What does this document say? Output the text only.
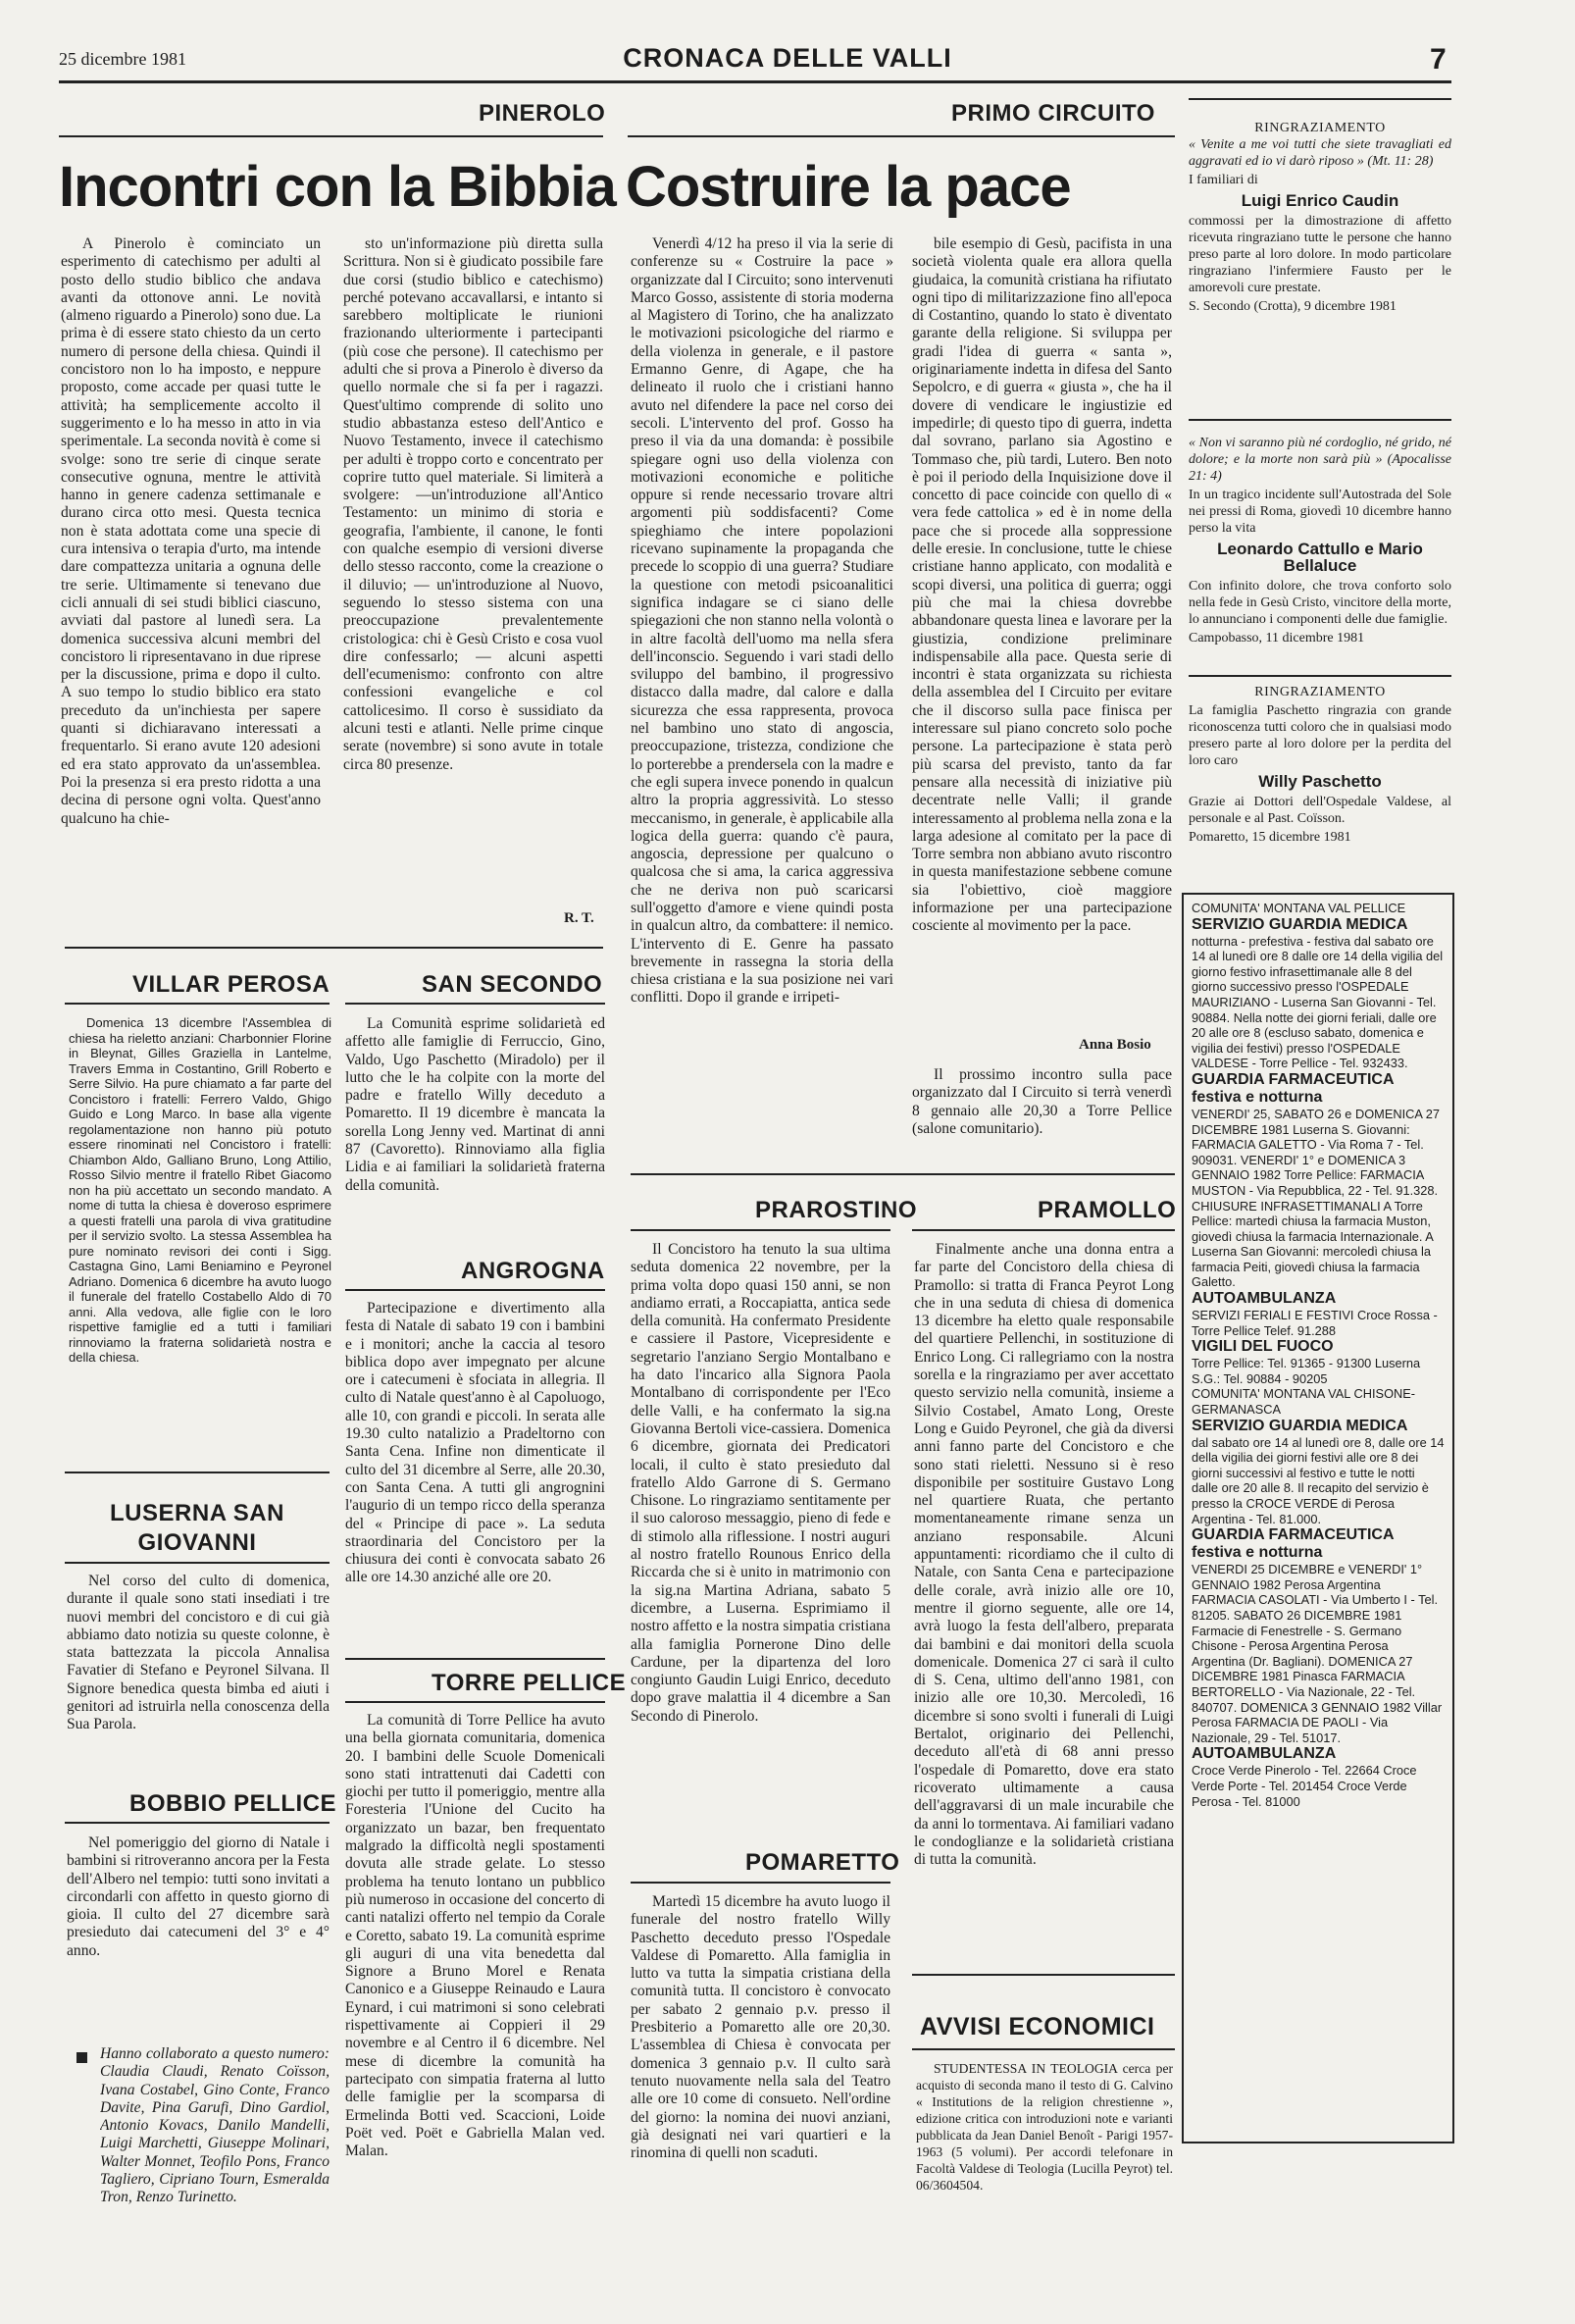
25 dicembre 1981	CRONACA DELLE VALLI	7
PINEROLO
Incontri con la Bibbia

A Pinerolo è cominciato un esperimento di catechismo per adulti al posto dello studio biblico che andava avanti da ottonove anni. Le novità (almeno riguardo a Pinerolo) sono due. La prima è di essere stato chiesto da un certo numero di persone della chiesa. Quindi il concistoro non lo ha imposto, e neppure proposto, come accade per quasi tutte le attività; ha semplicemente accolto il suggerimento e lo ha messo in atto in via sperimentale. La seconda novità è come si svolge: sono tre serie di cinque serate consecutive ognuna, mentre le attività hanno in genere cadenza settimanale e durano circa otto mesi. Questa tecnica non è stata adottata come una specie di cura intensiva o terapia d'urto, ma intende dare compattezza unitaria a ognuna delle tre serie. Ultimamente si tenevano due cicli annuali di sei studi biblici ciascuno, avviati dal pastore al lunedì sera. La domenica successiva alcuni membri del concistoro li ripresentavano in due riprese per la discussione, prima e dopo il culto. A suo tempo lo studio biblico era stato preceduto da un'inchiesta per sapere quanti si dichiaravano interessati a frequentarlo. Si erano avute 120 adesioni ed era stato approvato da un'assemblea. Poi la presenza si era presto ridotta a una decina di persone ogni volta. Quest'anno qualcuno ha chie-

sto un'informazione più diretta sulla Scrittura. Non si è giudicato possibile fare due corsi (studio biblico e catechismo) perché potevano accavallarsi, e intanto si sarebbero moltiplicate le riunioni frazionando ulteriormente i partecipanti (più cose che persone). Il catechismo per adulti che si prova a Pinerolo è diverso da quello normale che si fa per i ragazzi. Quest'ultimo comprende di solito uno studio abbastanza esteso dell'Antico e Nuovo Testamento, invece il catechismo per adulti è troppo corto e concentrato per coprire tutto quel materiale. Si limiterà a svolgere: —un'introduzione all'Antico Testamento: un minimo di storia e geografia, l'ambiente, il canone, le fonti con qualche esempio di versioni diverse dello stesso racconto, come la creazione o il diluvio; — un'introduzione al Nuovo, seguendo lo stesso sistema con una preoccupazione prevalentemente cristologica: chi è Gesù Cristo e cosa vuol dire confessarlo; — alcuni aspetti dell'ecumenismo: confronto con altre confessioni evangeliche e col cattolicesimo. Il corso è sussidiato da alcuni testi e atlanti. Nelle prime cinque serate (novembre) si sono avute in totale circa 80 presenze.

R. T.
PRIMO CIRCUITO
Costruire la pace

Venerdì 4/12 ha preso il via la serie di conferenze su « Costruire la pace » organizzate dal I Circuito; sono intervenuti Marco Gosso, assistente di storia moderna al Magistero di Torino, che ha analizzato le motivazioni psicologiche del riarmo e della violenza in generale, e il pastore Ermanno Genre, di Agape, che ha delineato il ruolo che i cristiani hanno avuto nel difendere la pace nel corso dei secoli. L'intervento del prof. Gosso ha preso il via da una domanda: è possibile spiegare ogni uso della violenza con motivazioni economiche e politiche oppure si rende necessario trovare altri argomenti più soddisfacenti? Come spieghiamo che intere popolazioni ricevano supinamente la propaganda che precede lo scoppio di una guerra? Studiare la questione con metodi psicoanalitici significa indagare se ci siano delle spiegazioni che non stanno nella volontà o in altre facoltà dell'uomo ma nella sfera dell'inconscio. Seguendo i vari stadi dello sviluppo del bambino, il progressivo distacco dalla madre, dal calore e dalla sicurezza che essa rappresenta, provoca nel bambino uno stato di angoscia, preoccupazione, tristezza, condizione che lo porterebbe a prendersela con la madre e che egli supera invece ponendo in qualcun altro la propria aggressività. Lo stesso meccanismo, in generale, è applicabile alla logica della guerra: quando c'è paura, angoscia, depressione per qualcuno o qualcosa che si ama, la carica aggressiva che ne deriva non può scaricarsi sull'oggetto d'amore e viene quindi posta in qualcun altro, da combattere: il nemico. L'intervento di E. Genre ha passato brevemente in rassegna la storia della chiesa cristiana e la sua posizione nei vari conflitti. Dopo il grande e irripeti-

bile esempio di Gesù, pacifista in una società violenta quale era allora quella giudaica, la comunità cristiana ha rifiutato ogni tipo di militarizzazione fino all'epoca di Costantino, quando lo stato è diventato garante della religione. Si sviluppa per gradi l'idea di guerra « santa », originariamente indetta in difesa del Santo Sepolcro, e di guerra « giusta », che ha il dovere di vendicare le ingiustizie ed impedirle; di questo tipo di guerra, indetta dal sovrano, parlano sia Agostino e Tommaso che, più tardi, Lutero. Ben noto è poi il periodo della Inquisizione dove il concetto di pace coincide con quello di « vera fede cattolica » ed è in nome della pace che si procede alla soppressione delle eresie. In conclusione, tutte le chiese cristiane hanno applicato, con modalità e scopi diversi, una politica di guerra; oggi più che mai la chiesa dovrebbe abbandonare questa linea e lavorare per la giustizia, condizione preliminare indispensabile alla pace. Questa serie di incontri è stata organizzata su richiesta della assemblea del I Circuito per evitare che il discorso sulla pace finisca per interessare sul piano concreto solo poche persone. La partecipazione è stata però più scarsa del previsto, tanto da far pensare alla necessità di iniziative più decentrate nelle Valli; il grande interessamento al problema nella zona e la larga adesione al comitato per la pace di Torre sembra non abbiano avuto riscontro in questa manifestazione sebbene comune sia l'obiettivo, cioè maggiore informazione per una partecipazione cosciente al movimento per la pace.

Anna Bosio

Il prossimo incontro sulla pace organizzato dal I Circuito si terrà venerdì 8 gennaio alle 20,30 a Torre Pellice (salone comunitario).

RINGRAZIAMENTO
« Venite a me voi tutti che siete travagliati ed aggravati ed io vi darò riposo » (Mt. 11: 28)

I familiari di

Luigi Enrico Caudin

commossi per la dimostrazione di affetto ricevuta ringraziano tutte le persone che hanno preso parte al loro dolore. In modo particolare ringraziano l'infermiere Fausto per le amorevoli cure prestate.

S. Secondo (Crotta), 9 dicembre 1981

« Non vi saranno più né cordoglio, né grido, né dolore; e la morte non sarà più » (Apocalisse 21: 4)

In un tragico incidente sull'Autostrada del Sole nei pressi di Roma, giovedì 10 dicembre hanno perso la vita

Leonardo Cattullo e Mario Bellaluce

Con infinito dolore, che trova conforto solo nella fede in Gesù Cristo, vincitore della morte, lo annunciano i componenti delle due famiglie.

Campobasso, 11 dicembre 1981

RINGRAZIAMENTO

La famiglia Paschetto ringrazia con grande riconoscenza tutti coloro che in qualsiasi modo presero parte al loro dolore per la perdita del loro caro

Willy Paschetto

Grazie ai Dottori dell'Ospedale Valdese, al personale e al Past. Coïsson.

Pomaretto, 15 dicembre 1981

COMUNITA' MONTANA VAL PELLICE
SERVIZIO GUARDIA MEDICA
notturna - prefestiva - festiva dal sabato ore 14 al lunedì ore 8 dalle ore 14 della vigilia del giorno festivo infrasettimanale alle 8 del giorno successivo presso l'OSPEDALE MAURIZIANO - Luserna San Giovanni - Tel. 90884. Nella notte dei giorni feriali, dalle ore 20 alle ore 8 (escluso sabato, domenica e vigilia dei festivi) presso l'OSPEDALE VALDESE - Torre Pellice - Tel. 932433.
GUARDIA FARMACEUTICA festiva e notturna
VENERDI' 25, SABATO 26 e DOMENICA 27 DICEMBRE 1981 Luserna S. Giovanni: FARMACIA GALETTO - Via Roma 7 - Tel. 909031. VENERDI' 1° e DOMENICA 3 GENNAIO 1982 Torre Pellice: FARMACIA MUSTON - Via Repubblica, 22 - Tel. 91.328.
CHIUSURE INFRASETTIMANALI A Torre Pellice: martedì chiusa la farmacia Muston, giovedì chiusa la farmacia Internazionale. A Luserna San Giovanni: mercoledì chiusa la farmacia Peiti, giovedì chiusa la farmacia Galetto.
AUTOAMBULANZA
SERVIZI FERIALI E FESTIVI Croce Rossa - Torre Pellice Telef. 91.288
VIGILI DEL FUOCO
Torre Pellice: Tel. 91365 - 91300 Luserna S.G.: Tel. 90884 - 90205
COMUNITA' MONTANA VAL CHISONE-GERMANASCA
SERVIZIO GUARDIA MEDICA
dal sabato ore 14 al lunedì ore 8, dalle ore 14 della vigilia dei giorni festivi alle ore 8 dei giorni successivi al festivo e tutte le notti dalle ore 20 alle 8. Il recapito del servizio è presso la CROCE VERDE di Perosa Argentina - Tel. 81.000.
GUARDIA FARMACEUTICA festiva e notturna
VENERDI 25 DICEMBRE e VENERDI' 1° GENNAIO 1982 Perosa Argentina FARMACIA CASOLATI - Via Umberto I - Tel. 81205. SABATO 26 DICEMBRE 1981 Farmacie di Fenestrelle - S. Germano Chisone - Perosa Argentina Perosa Argentina (Dr. Bagliani). DOMENICA 27 DICEMBRE 1981 Pinasca FARMACIA BERTORELLO - Via Nazionale, 22 - Tel. 840707. DOMENICA 3 GENNAIO 1982 Villar Perosa FARMACIA DE PAOLI - Via Nazionale, 29 - Tel. 51017.
AUTOAMBULANZA
Croce Verde Pinerolo - Tel. 22664 Croce Verde Porte - Tel. 201454 Croce Verde Perosa - Tel. 81000
VILLAR PEROSA

Domenica 13 dicembre l'Assemblea di chiesa ha rieletto anziani: Charbonnier Florine in Bleynat, Gilles Graziella in Lantelme, Travers Emma in Costantino, Grill Roberto e Serre Silvio. Ha pure chiamato a far parte del Concistoro i fratelli: Ferrero Valdo, Ghigo Guido e Long Marco. In base alla vigente regolamentazione non hanno più potuto essere rinominati nel Concistoro i fratelli: Chiambon Aldo, Galliano Bruno, Long Attilio, Rosso Silvio mentre il fratello Ribet Giacomo non ha più accettato un secondo mandato. A nome di tutta la chiesa è doveroso esprimere a questi fratelli una parola di viva gratitudine per il servizio svolto. La stessa Assemblea ha pure nominato revisori dei conti i Sigg. Castagna Gino, Lami Beniamino e Peyronel Adriano. Domenica 6 dicembre ha avuto luogo il funerale del fratello Costabello Aldo di 70 anni. Alla vedova, alle figlie con le loro rispettive famiglie ed a tutti i familiari rinnoviamo la fraterna solidarietà nostra e della chiesa.

LUSERNA SAN GIOVANNI

Nel corso del culto di domenica, durante il quale sono stati insediati i tre nuovi membri del concistoro e di cui già abbiamo dato notizia su queste colonne, è stata battezzata la piccola Annalisa Favatier di Stefano e Peyronel Silvana. Il Signore benedica questa bimba ed aiuti i genitori ad istruirla nella conoscenza della Sua Parola.

BOBBIO PELLICE

Nel pomeriggio del giorno di Natale i bambini si ritroveranno ancora per la Festa dell'Albero nel tempio: tutti sono invitati a circondarli con affetto in questo giorno di gioia. Il culto del 27 dicembre sarà presieduto dai catecumeni del 3° e 4° anno.

Hanno collaborato a questo numero: Claudia Claudi, Renato Coïsson, Ivana Costabel, Gino Conte, Franco Davite, Pina Garufi, Dino Gardiol, Antonio Kovacs, Danilo Mandelli, Luigi Marchetti, Giuseppe Molinari, Walter Monnet, Teofilo Pons, Franco Tagliero, Cipriano Tourn, Esmeralda Tron, Renzo Turinetto.

SAN SECONDO

La Comunità esprime solidarietà ed affetto alle famiglie di Ferruccio, Gino, Valdo, Ugo Paschetto (Miradolo) per il lutto che le ha colpite con la morte del padre e fratello Willy deceduto a Pomaretto. Il 19 dicembre è mancata la sorella Long Jenny ved. Martinat di anni 87 (Cavoretto). Rinnoviamo alla figlia Lidia e ai familiari la solidarietà fraterna della comunità.

ANGROGNA

Partecipazione e divertimento alla festa di Natale di sabato 19 con i bambini e i monitori; anche la caccia al tesoro biblica dopo aver impegnato per alcune ore i catecumeni è sfociata in allegria. Il culto di Natale quest'anno è al Capoluogo, alle 10, con grandi e piccoli. In serata alle 19.30 culto natalizio a Pradeltorno con Santa Cena. Infine non dimenticate il culto del 31 dicembre al Serre, alle 20.30, con Santa Cena. A tutti gli angrognini l'augurio di un tempo ricco della speranza del « Principe di pace ». La seduta straordinaria del Concistoro per la chiusura dei conti è convocata sabato 26 alle ore 14.30 anziché alle ore 20.

TORRE PELLICE

La comunità di Torre Pellice ha avuto una bella giornata comunitaria, domenica 20. I bambini delle Scuole Domenicali sono stati intrattenuti dai Cadetti con giochi per tutto il pomeriggio, mentre alla Foresteria l'Unione del Cucito ha organizzato un bazar, ben frequentato malgrado la difficoltà negli spostamenti dovuta alle strade gelate. Lo stesso problema ha tenuto lontano un pubblico più numeroso in occasione del concerto di canti natalizi offerto nel tempio da Corale e Coretto, sabato 19. La comunità esprime gli auguri di una vita benedetta dal Signore a Bruno Morel e Renata Canonico e a Giuseppe Reinaudo e Laura Eynard, i cui matrimoni si sono celebrati rispettivamente ai Coppieri il 29 novembre e al Centro il 6 dicembre. Nel mese di dicembre la comunità ha partecipato con simpatia fraterna al lutto delle famiglie per la scomparsa di Ermelinda Botti ved. Scaccioni, Loide Poët ved. Poët e Gabriella Malan ved. Malan.

PRAROSTINO

Il Concistoro ha tenuto la sua ultima seduta domenica 22 novembre, per la prima volta dopo quasi 150 anni, se non andiamo errati, a Roccapiatta, antica sede della comunità. Ha confermato Presidente e cassiere il Pastore, Vicepresidente e segretario l'anziano Sergio Montalbano e ha dato l'incarico alla Signora Paola Montalbano di corrispondente per l'Eco delle Valli, e ha confermato la sig.na Giovanna Bertoli vice-cassiera. Domenica 6 dicembre, giornata dei Predicatori locali, il culto è stato presieduto dal fratello Aldo Garrone di S. Germano Chisone. Lo ringraziamo sentitamente per il suo caloroso messaggio, pieno di fede e di stimolo alla riflessione. I nostri auguri al nostro fratello Rounous Enrico della Riccarda che si è unito in matrimonio con la sig.na Martina Adriana, sabato 5 dicembre, a Luserna. Esprimiamo il nostro affetto e la nostra simpatia cristiana alla famiglia Pornerone Dino delle Cardune, per la dipartenza del loro congiunto Gaudin Luigi Enrico, deceduto dopo grave malattia il 4 dicembre a San Secondo di Pinerolo.

POMARETTO

Martedì 15 dicembre ha avuto luogo il funerale del nostro fratello Willy Paschetto deceduto presso l'Ospedale Valdese di Pomaretto. Alla famiglia in lutto va tutta la simpatia cristiana della comunità tutta. Il concistoro è convocato per sabato 2 gennaio p.v. presso il Presbiterio a Pomaretto alle ore 20,30. L'assemblea di Chiesa è convocata per domenica 3 gennaio p.v. Il culto sarà tenuto nuovamente nella sala del Teatro alle ore 10 come di consueto. Nell'ordine del giorno: la nomina dei nuovi anziani, già designati nei vari quartieri e la rinomina di quelli non scaduti.

PRAMOLLO

Finalmente anche una donna entra a far parte del Concistoro della chiesa di Pramollo: si tratta di Franca Peyrot Long che in una seduta di chiesa di domenica 13 dicembre ha eletto quale responsabile del quartiere Pellenchi, in sostituzione di Enrico Long. Ci rallegriamo con la nostra sorella e la ringraziamo per aver accettato questo servizio nella comunità, insieme a Silvio Costabel, Amato Long, Oreste Long e Guido Peyronel, che già da diversi anni fanno parte del Concistoro e che sono stati rieletti. Nessuno si è reso disponibile per sostituire Gustavo Long nel quartiere Ruata, che pertanto momentaneamente rimane senza un anziano responsabile. Alcuni appuntamenti: ricordiamo che il culto di Natale, con Santa Cena e partecipazione delle corale, avrà inizio alle ore 10, mentre il giorno seguente, alle ore 14, avrà luogo la festa dell'albero, preparata dai bambini e dai monitori della scuola domenicale. Domenica 27 ci sarà il culto di S. Cena, ultimo dell'anno 1981, con inizio alle ore 10,30. Mercoledì, 16 dicembre si sono svolti i funerali di Luigi Bertalot, originario dei Pellenchi, deceduto all'età di 68 anni presso l'ospedale di Pomaretto, dove era stato ricoverato ultimamente a causa dell'aggravarsi di un male incurabile che da anni lo tormentava. Ai familiari vadano le condoglianze e la solidarietà cristiana di tutta la comunità.

AVVISI ECONOMICI

STUDENTESSA IN TEOLOGIA cerca per acquisto di seconda mano il testo di G. Calvino « Institutions de la religion chrestienne », edizione critica con introduzioni note e varianti pubblicata da Jean Daniel Benoît - Parigi 1957-1963 (5 volumi). Per accordi telefonare in Facoltà Valdese di Teologia (Lucilla Peyrot) tel. 06/3604504.
